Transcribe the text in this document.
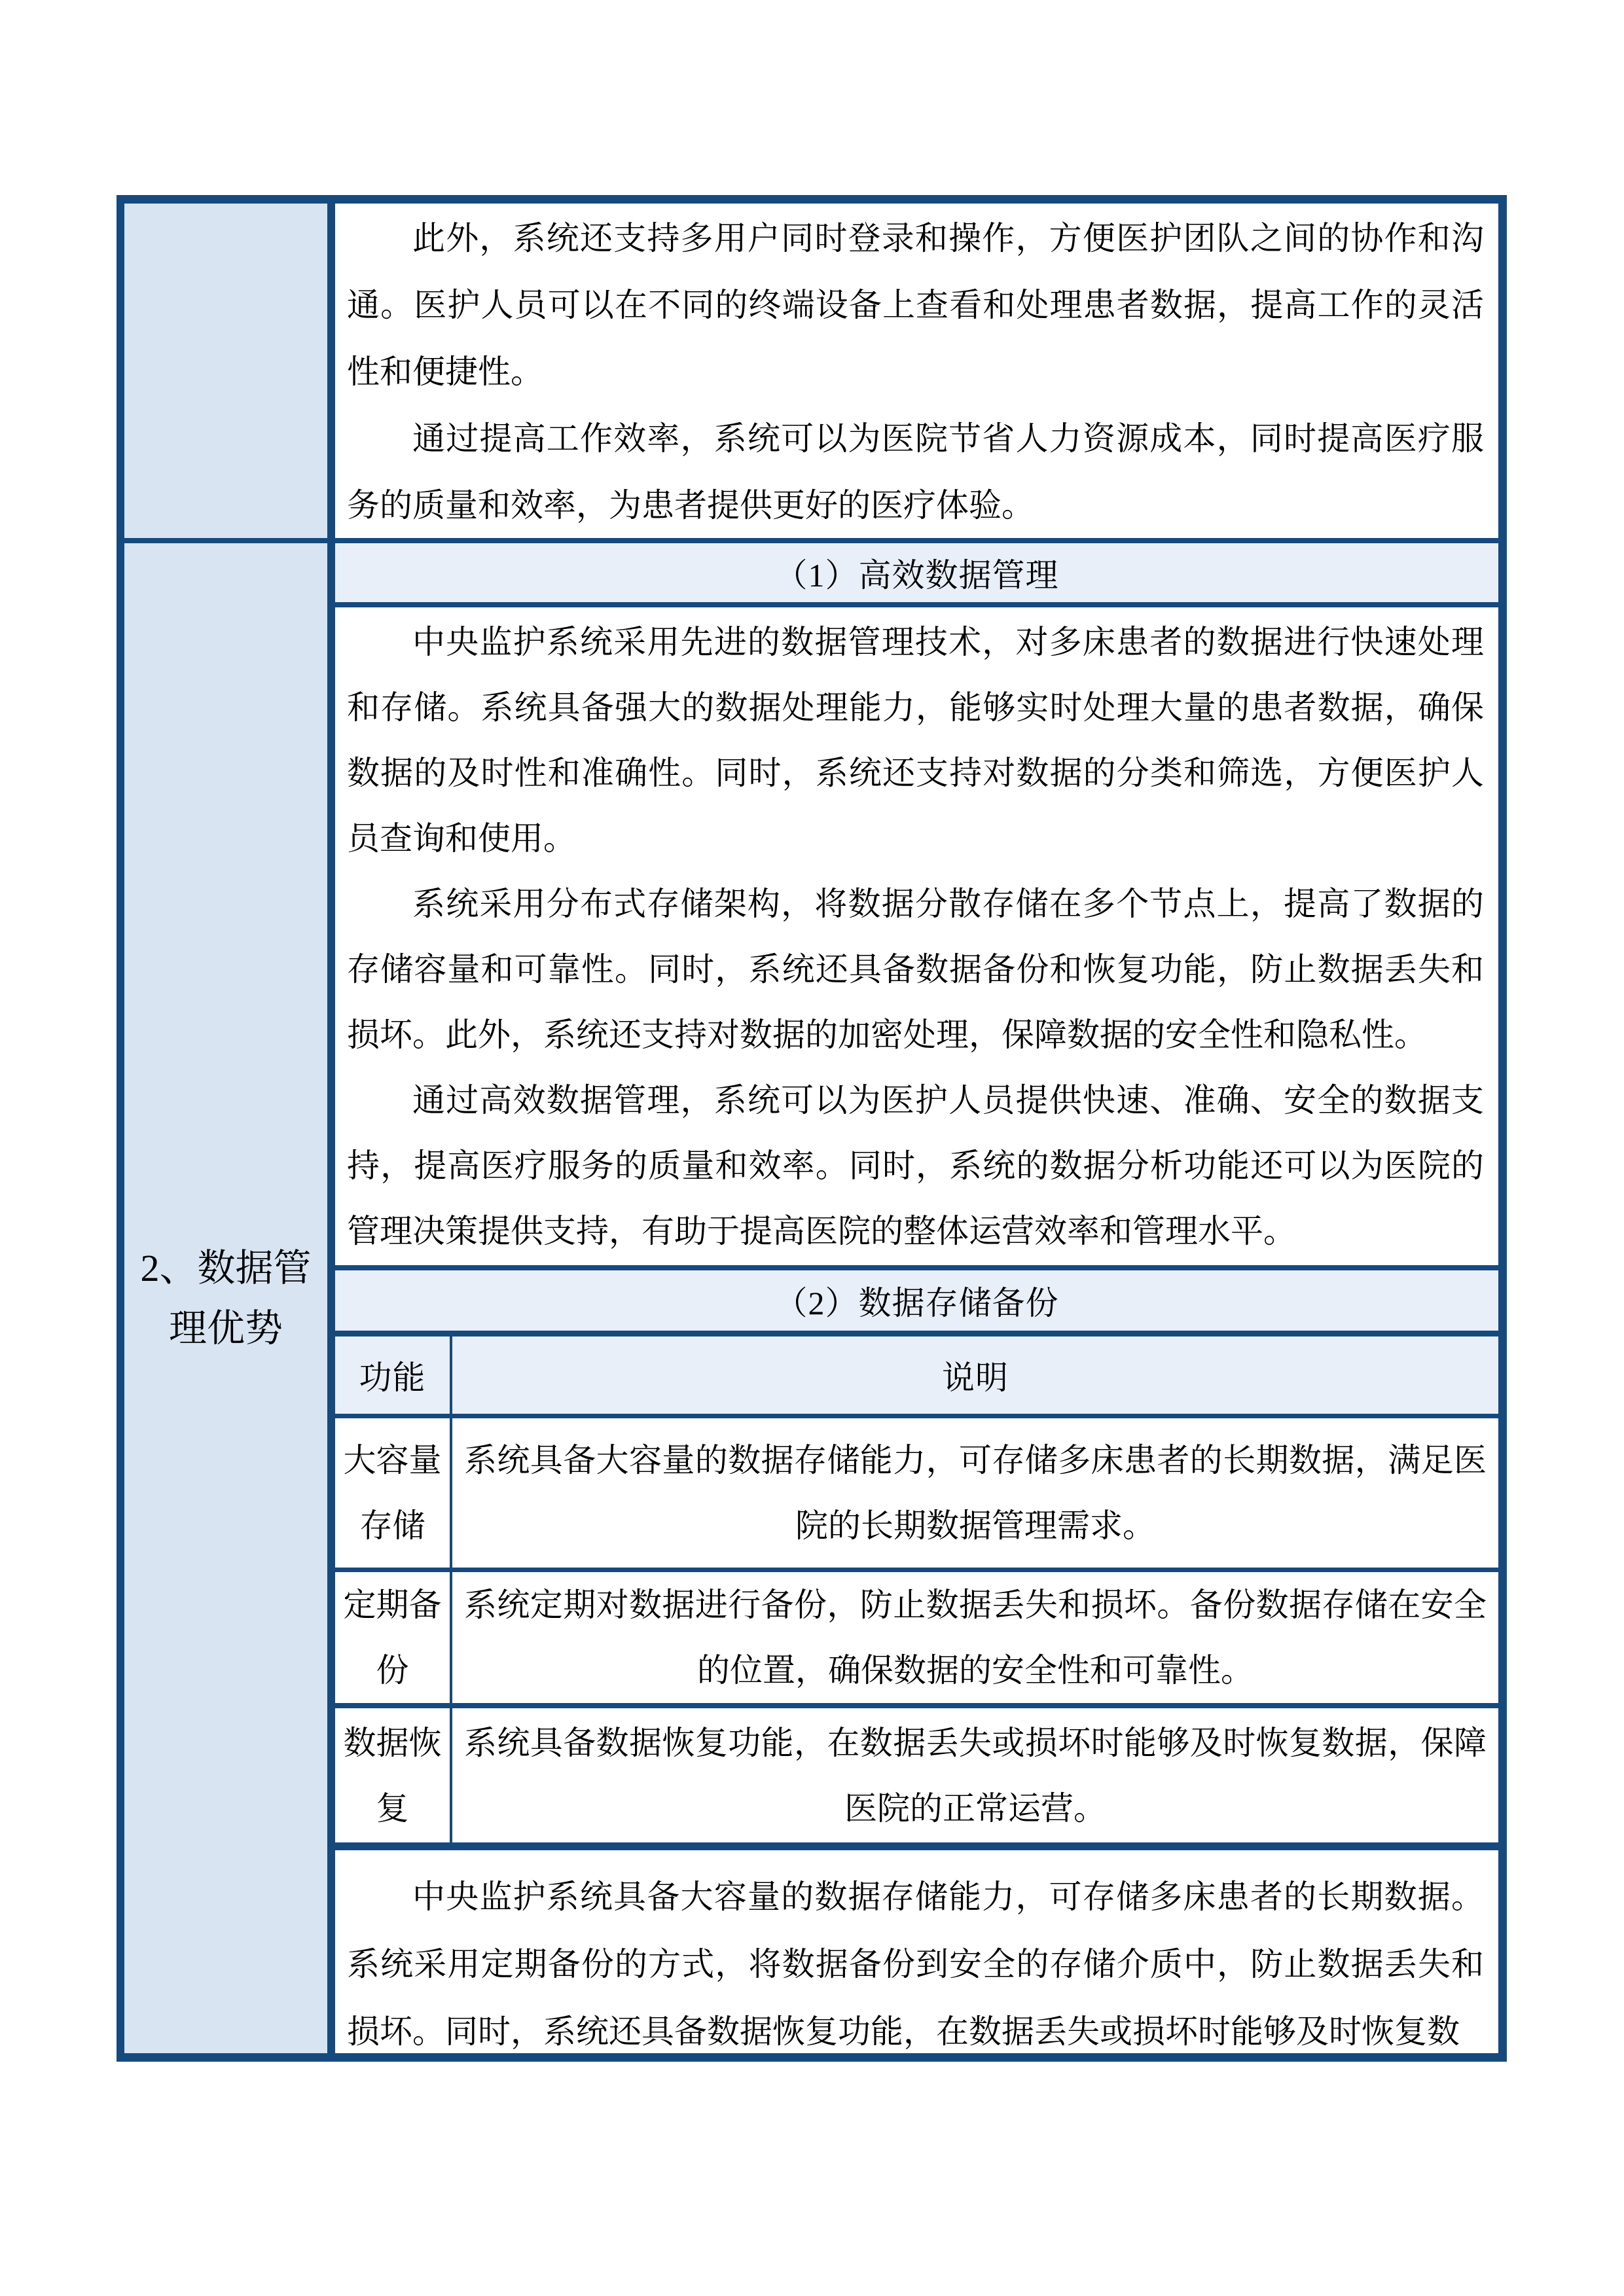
2、数据管理优势

此外，系统还支持多用户同时登录和操作，方便医护团队之间的协作和沟通。医护人员可以在不同的终端设备上查看和处理患者数据，提高工作的灵活性和便捷性。

通过提高工作效率，系统可以为医院节省人力资源成本，同时提高医疗服务的质量和效率，为患者提供更好的医疗体验。

（1）高效数据管理

中央监护系统采用先进的数据管理技术，对多床患者的数据进行快速处理和存储。系统具备强大的数据处理能力，能够实时处理大量的患者数据，确保数据的及时性和准确性。同时，系统还支持对数据的分类和筛选，方便医护人员查询和使用。

系统采用分布式存储架构，将数据分散存储在多个节点上，提高了数据的存储容量和可靠性。同时，系统还具备数据备份和恢复功能，防止数据丢失和损坏。此外，系统还支持对数据的加密处理，保障数据的安全性和隐私性。

通过高效数据管理，系统可以为医护人员提供快速、准确、安全的数据支持，提高医疗服务的质量和效率。同时，系统的数据分析功能还可以为医院的管理决策提供支持，有助于提高医院的整体运营效率和管理水平。

（2）数据存储备份
功能	说明
大容量存储
系统具备大容量的数据存储能力，可存储多床患者的长期数据，满足医院的长期数据管理需求。
定期备份
系统定期对数据进行备份，防止数据丢失和损坏。备份数据存储在安全的位置，确保数据的安全性和可靠性。
数据恢复
系统具备数据恢复功能，在数据丢失或损坏时能够及时恢复数据，保障医院的正常运营。

中央监护系统具备大容量的数据存储能力，可存储多床患者的长期数据。系统采用定期备份的方式，将数据备份到安全的存储介质中，防止数据丢失和损坏。同时，系统还具备数据恢复功能，在数据丢失或损坏时能够及时恢复数
